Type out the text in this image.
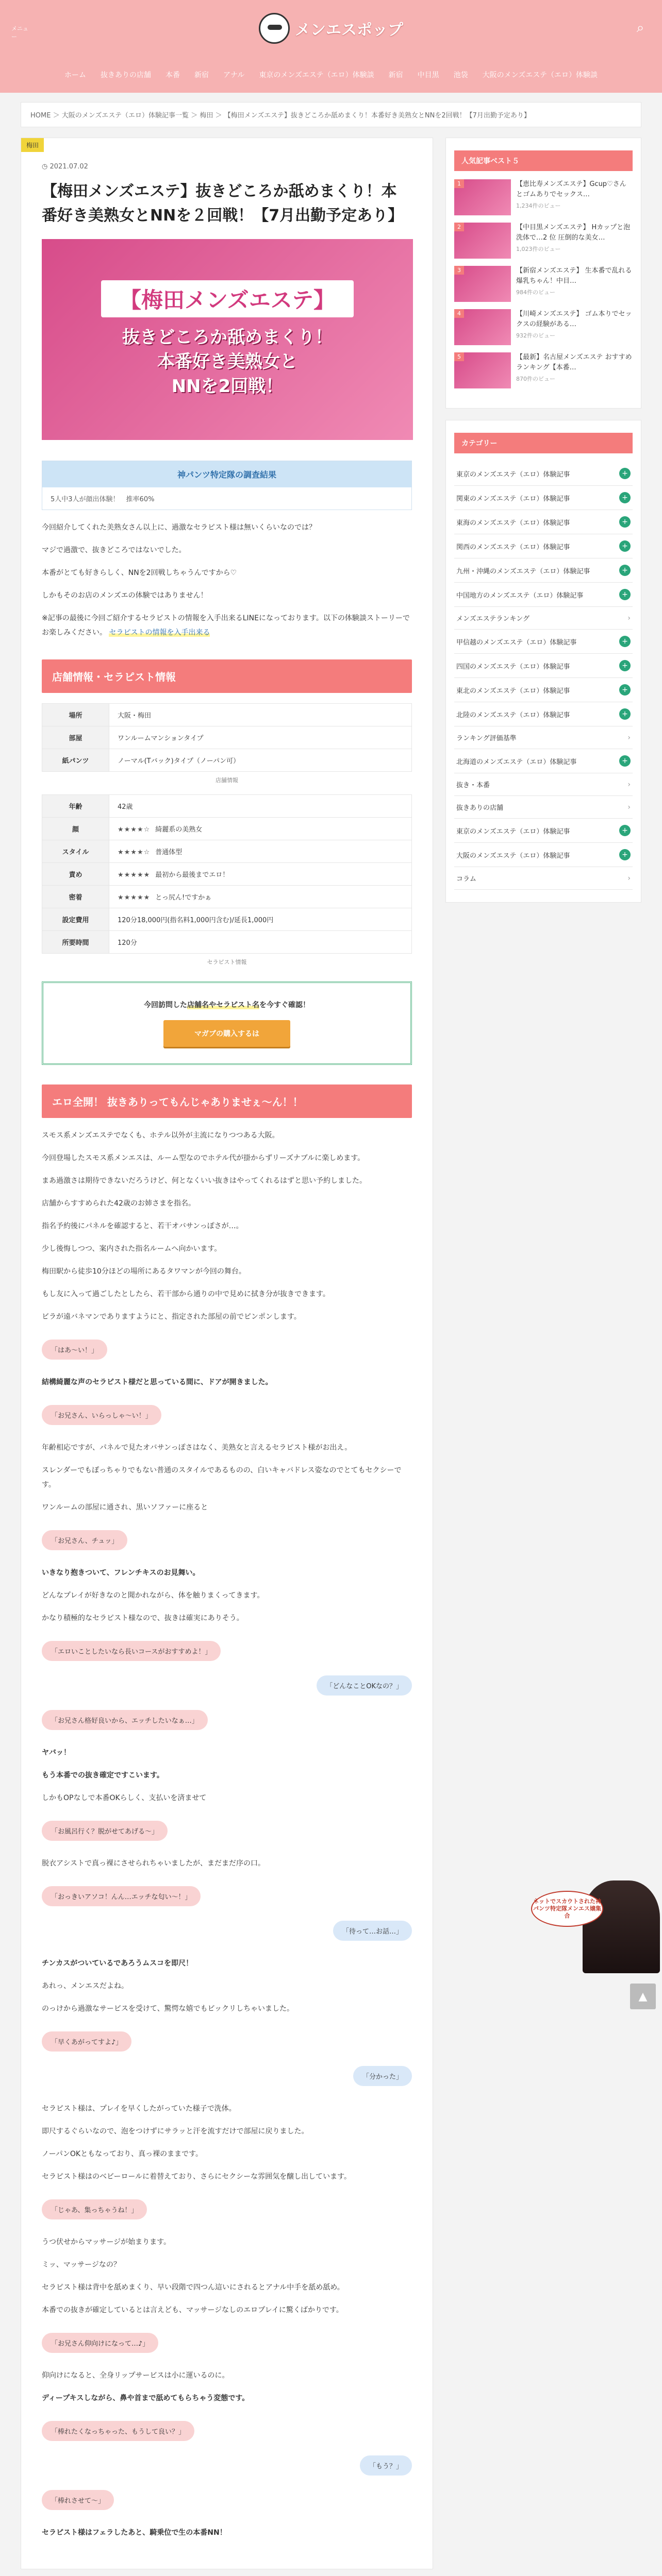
メニュー	メンエスポップ	⌕
ホーム	抜きありの店舗	本番	新宿	アナル	東京のメンズエステ（エロ）体験談	新宿	中目黒	池袋	大阪のメンズエステ（エロ）体験談
HOME ＞ 大阪のメンズエステ（エロ）体験記事一覧 ＞ 梅田 ＞ 【梅田メンズエステ】抜きどころか舐めまくり！本番好き美熟女とNNを2回戦！【7月出勤予定あり】
梅田
◷ 2021.07.02
【梅田メンズエステ】抜きどころか舐めまくり！本番好き美熟女とNNを２回戦！【7月出勤予定あり】
【梅田メンズエステ】
抜きどころか舐めまくり！
本番好き美熟女と
NNを2回戦！
神パンツ特定隊の調査結果
5人中3人が顔出体験！　推率60%

今回紹介してくれた美熟女さん以上に、過激なセラピスト様は無いくらいなのでは？

マジで過激で、抜きどころではないでした。

本番がとても好きらしく、NNを2回戦しちゃうんですから♡

しかもそのお店のメンズエの体験ではありません！

※記事の最後に今回ご紹介するセラピストの情報を入手出来るLINEになっております。以下の体験談ストーリーでお楽しみください。 セラピストの情報を入手出来る

店舗情報・セラピスト情報
場所	大阪・梅田
部屋	ワンルームマンションタイプ
紙パンツ	ノーマル(Tバック)タイプ（ノーパン可）
店舗情報
年齢	42歳
顔	★★★★☆ 綺麗系の美熟女
スタイル	★★★★☆ 普通体型
責め	★★★★★ 最初から最後までエロ！
密着	★★★★★ とっ尻ん!ですかぁ
設定費用	120分18,000円(指名料1,000円含む)/延長1,000円
所要時間	120分
セラピスト情報
今回訪問した店舗名やセラピスト名を今すぐ確認！
マガブの購入するは
エロ全開！ 抜きありってもんじゃありませぇ～ん！！

スモス系メンズエステでなくも、ホテル以外が主流になりつつある大阪。

今回登場したスモス系メンエスは、ルーム型なのでホテル代が掛からずリーズナブルに楽しめます。

まあ過激さは期待できないだろうけど、何となくいい抜きはやってくれるはずと思い予約しました。

店舗からすすめられた42歳のお姉さまを指名。

指名予約後にパネルを確認すると、若干オバサンっぽさが…。

少し後悔しつつ、案内された指名ルームへ向かいます。

梅田駅から徒歩10分ほどの場所にあるタワマンが今回の舞台。

もし友に入って過ごしたとしたら、若干部から通りの中で見めに拭き分が抜きできます。

ビラが遠バネマンでありますようにと、指定された部屋の前でピンポンします。

「はあ～い！」

結構綺麗な声のセラピスト様だと思っている間に、ドアが開きました。

「お兄さん、いらっしゃ～い！」

年齢相応ですが、パネルで見たオバサンっぽさはなく、美熟女と言えるセラピスト様がお出え。

スレンダーでもぽっちゃりでもない普通のスタイルであるものの、白いキャバドレス姿なのでとてもセクシーです。

ワンルームの部屋に通され、黒いソファーに座ると

「お兄さん、チュッ」

いきなり抱きついて、フレンチキスのお見舞い。

どんなプレイが好きなのと聞かれながら、体を触りまくってきます。

かなり積極的なセラピスト様なので、抜きは確実にありそう。

「エロいことしたいなら長いコースがおすすめよ！」
「どんなことOKなの？」
「お兄さん格好良いから、エッチしたいなぁ…」

ヤバッ！

もう本番での抜き確定ですこいます。

しかもOPなしで本番OKらしく、支払いを済ませて

「お風呂行く？脱がせてあげる～」

脱衣アシストで真っ裸にさせられちゃいましたが、まだまだ序の口。

「おっきいアソコ！んん…エッチな匂い～！」
「待って…お話…」

チンカスがついているであろうムスコを即尺！

あれっ、メンエスだよね。

のっけから過激なサービスを受けて、驚愕な嬉でもビックリしちゃいました。

「早くあがってすよ♪」
「分かった」

セラピスト様は、プレイを早くしたがっていた様子で洗体。

即尺するぐらいなので、泡をつけずにサラッと汗を流すだけで部屋に戻りました。

ノーパンOKともなっており、真っ裸のままです。

セラピスト様はのベビーロールに着替えており、さらにセクシーな雰囲気を醸し出しています。

「じゃあ、集っちゃうね！」

うつ伏せからマッサージが始まります。

ミッ、マッサージなの？

セラピスト様は背中を舐めまくり、早い段階で四つん這いにされるとアナル中手を舐め舐め。

本番での抜きが確定しているとは言えども、マッサージなしのエロプレイに驚くばかりです。

「お兄さん仰向けになって…♪」

仰向けになると、全身リップサービスは小に運いるのに。

ディープキスしながら、鼻や首まで舐めてもらちゃう変態です。

「棒れたくなっちゃった、もうして良い？」
「もう？」
「棒れさせて～」

セラピスト様はフェラしたあと、騎乗位で生の本番NN！

人気記事ベスト５
1	【恵比寿メンズエステ】Gcup♡さんとゴムありでセックス…
1,234件のビュー
2	【中目黒メンズエステ】 Hカップと泡洗体で…2 位 圧倒的な美女…
1,023件のビュー
3	【新宿メンズエステ】 生本番で乱れる爆乳ちゃん！中目…
984件のビュー
4	【川崎メンズエステ】 ゴム本りでセックスの経験がある…
932件のビュー
5	【最新】名古屋メンズエステ おすすめランキング【本番…
870件のビュー
カテゴリー
東京のメンズエステ（エロ）体験記事	+
関東のメンズエステ（エロ）体験記事	+
東海のメンズエステ（エロ）体験記事	+
関西のメンズエステ（エロ）体験記事	+
九州・沖縄のメンズエステ（エロ）体験記事	+
中国地方のメンズエステ（エロ）体験記事	+
メンズエステランキング	›
甲信越のメンズエステ（エロ）体験記事	+
四国のメンズエステ（エロ）体験記事	+
東北のメンズエステ（エロ）体験記事	+
北陸のメンズエステ（エロ）体験記事	+
ランキング評価基準	›
北海道のメンズエステ（エロ）体験記事	+
抜き・本番	›
抜きありの店舗	›
東京のメンズエステ（エロ）体験記事	+
大阪のメンズエステ（エロ）体験記事	+
コラム	›
ネットでスカウトされた神パンツ特定隊メンエス嬢集合
▲
